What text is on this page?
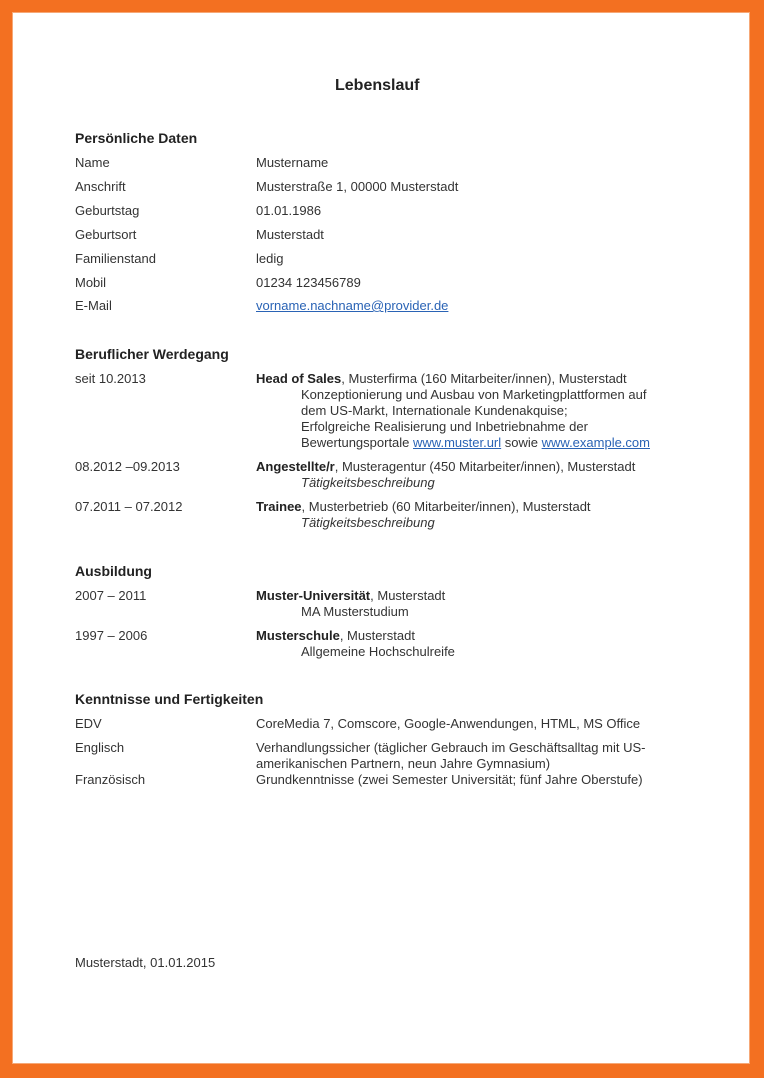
Lebenslauf
Persönliche Daten
Name	Mustername
Anschrift	Musterstraße 1, 00000 Musterstadt
Geburtstag	01.01.1986
Geburtsort	Musterstadt
Familienstand	ledig
Mobil	01234 123456789
E-Mail	vorname.nachname@provider.de
Beruflicher Werdegang
seit 10.2013	Head of Sales, Musterfirma (160 Mitarbeiter/innen), Musterstadt
Konzeptionierung und Ausbau von Marketingplattformen auf
dem US-Markt, Internationale Kundenakquise;
Erfolgreiche Realisierung und Inbetriebnahme der
Bewertungsportale www.muster.url sowie www.example.com
08.2012 –09.2013	Angestellte/r, Musteragentur (450 Mitarbeiter/innen), Musterstadt
Tätigkeitsbeschreibung
07.2011 – 07.2012	Trainee, Musterbetrieb (60 Mitarbeiter/innen), Musterstadt
Tätigkeitsbeschreibung
Ausbildung
2007 – 2011	Muster-Universität, Musterstadt
MA Musterstudium
1997 – 2006	Musterschule, Musterstadt
Allgemeine Hochschulreife
Kenntnisse und Fertigkeiten
EDV	CoreMedia 7, Comscore, Google-Anwendungen, HTML, MS Office
Englisch	Verhandlungssicher (täglicher Gebrauch im Geschäftsalltag mit US-
amerikanischen Partnern, neun Jahre Gymnasium)
Französisch	Grundkenntnisse (zwei Semester Universität; fünf Jahre Oberstufe)
Musterstadt, 01.01.2015
